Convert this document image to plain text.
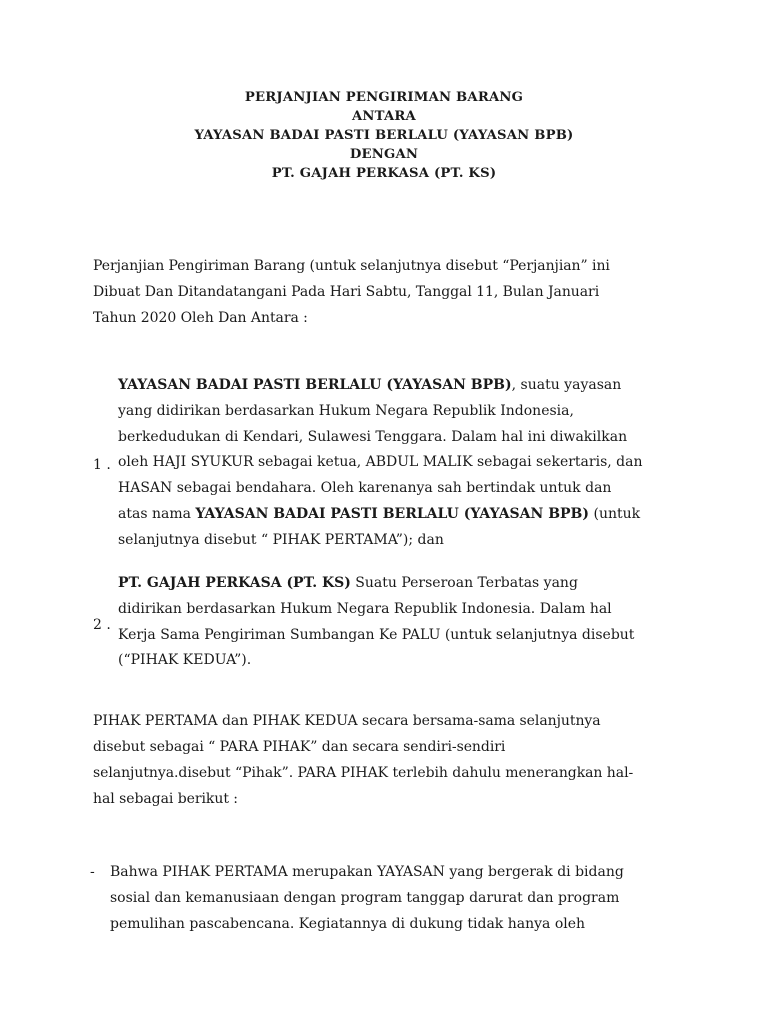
PERJANJIAN PENGIRIMAN BARANG
ANTARA
YAYASAN BADAI PASTI BERLALU (YAYASAN BPB)
DENGAN
PT. GAJAH PERKASA (PT. KS)
Perjanjian Pengiriman Barang (untuk selanjutnya disebut “Perjanjian” ini
Dibuat Dan Ditandatangani Pada Hari Sabtu, Tanggal 11, Bulan Januari
Tahun 2020 Oleh Dan Antara :
1 .
YAYASAN BADAI PASTI BERLALU (YAYASAN BPB), suatu yayasan
yang didirikan berdasarkan Hukum Negara Republik Indonesia,
berkedudukan di Kendari, Sulawesi Tenggara. Dalam hal ini diwakilkan
oleh HAJI SYUKUR sebagai ketua, ABDUL MALIK sebagai sekertaris, dan
HASAN sebagai bendahara. Oleh karenanya sah bertindak untuk dan
atas nama YAYASAN BADAI PASTI BERLALU (YAYASAN BPB) (untuk
selanjutnya disebut “ PIHAK PERTAMA”); dan
2 .
PT. GAJAH PERKASA (PT. KS) Suatu Perseroan Terbatas yang
didirikan berdasarkan Hukum Negara Republik Indonesia. Dalam hal
Kerja Sama Pengiriman Sumbangan Ke PALU (untuk selanjutnya disebut
(“PIHAK KEDUA”).
PIHAK PERTAMA dan PIHAK KEDUA secara bersama-sama selanjutnya
disebut sebagai “ PARA PIHAK” dan secara sendiri-sendiri
selanjutnya.disebut “Pihak”. PARA PIHAK terlebih dahulu menerangkan hal-
hal sebagai berikut :
- Bahwa PIHAK PERTAMA merupakan YAYASAN yang bergerak di bidang
sosial dan kemanusiaan dengan program tanggap darurat dan program
pemulihan pascabencana. Kegiatannya di dukung tidak hanya oleh
